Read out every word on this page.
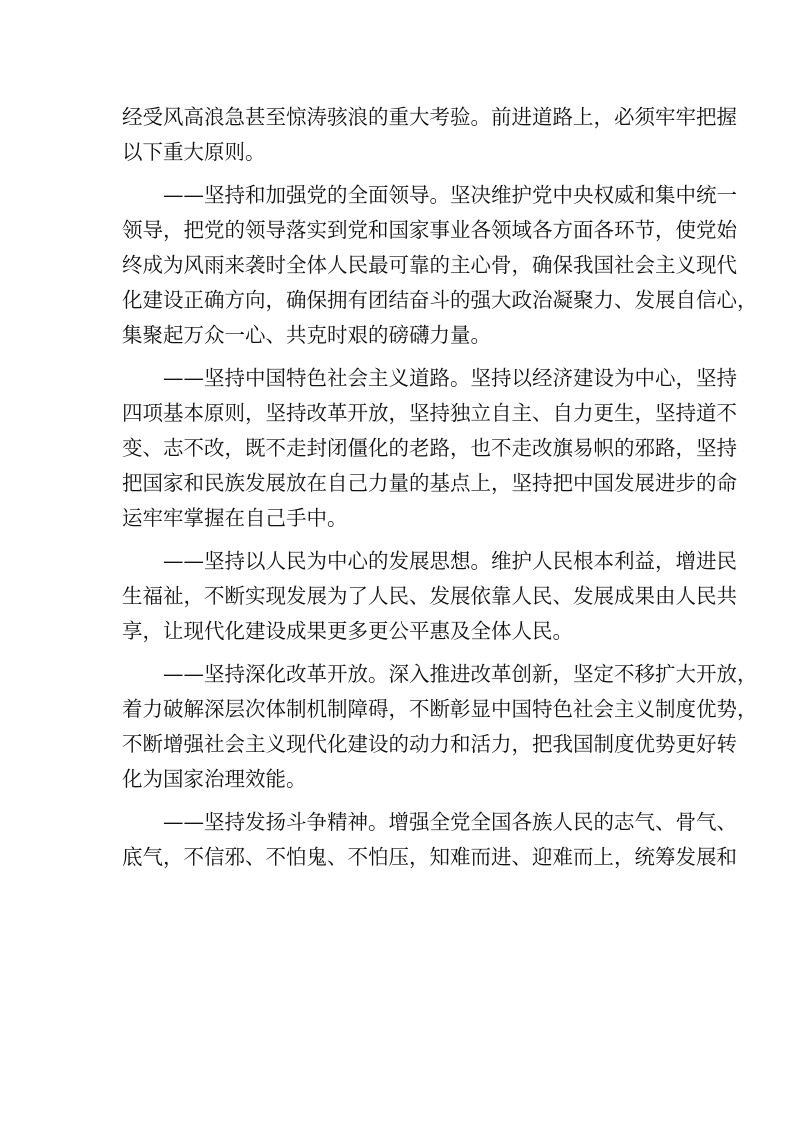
经受风高浪急甚至惊涛骇浪的重大考验。前进道路上，必须牢牢把握
以下重大原则。
——坚持和加强党的全面领导。坚决维护党中央权威和集中统一
领导，把党的领导落实到党和国家事业各领域各方面各环节，使党始
终成为风雨来袭时全体人民最可靠的主心骨，确保我国社会主义现代
化建设正确方向，确保拥有团结奋斗的强大政治凝聚力、发展自信心，
集聚起万众一心、共克时艰的磅礴力量。
——坚持中国特色社会主义道路。坚持以经济建设为中心，坚持
四项基本原则，坚持改革开放，坚持独立自主、自力更生，坚持道不
变、志不改，既不走封闭僵化的老路，也不走改旗易帜的邪路，坚持
把国家和民族发展放在自己力量的基点上，坚持把中国发展进步的命
运牢牢掌握在自己手中。
——坚持以人民为中心的发展思想。维护人民根本利益，增进民
生福祉，不断实现发展为了人民、发展依靠人民、发展成果由人民共
享，让现代化建设成果更多更公平惠及全体人民。
——坚持深化改革开放。深入推进改革创新，坚定不移扩大开放，
着力破解深层次体制机制障碍，不断彰显中国特色社会主义制度优势，
不断增强社会主义现代化建设的动力和活力，把我国制度优势更好转
化为国家治理效能。
——坚持发扬斗争精神。增强全党全国各族人民的志气、骨气、
底气，不信邪、不怕鬼、不怕压，知难而进、迎难而上，统筹发展和
